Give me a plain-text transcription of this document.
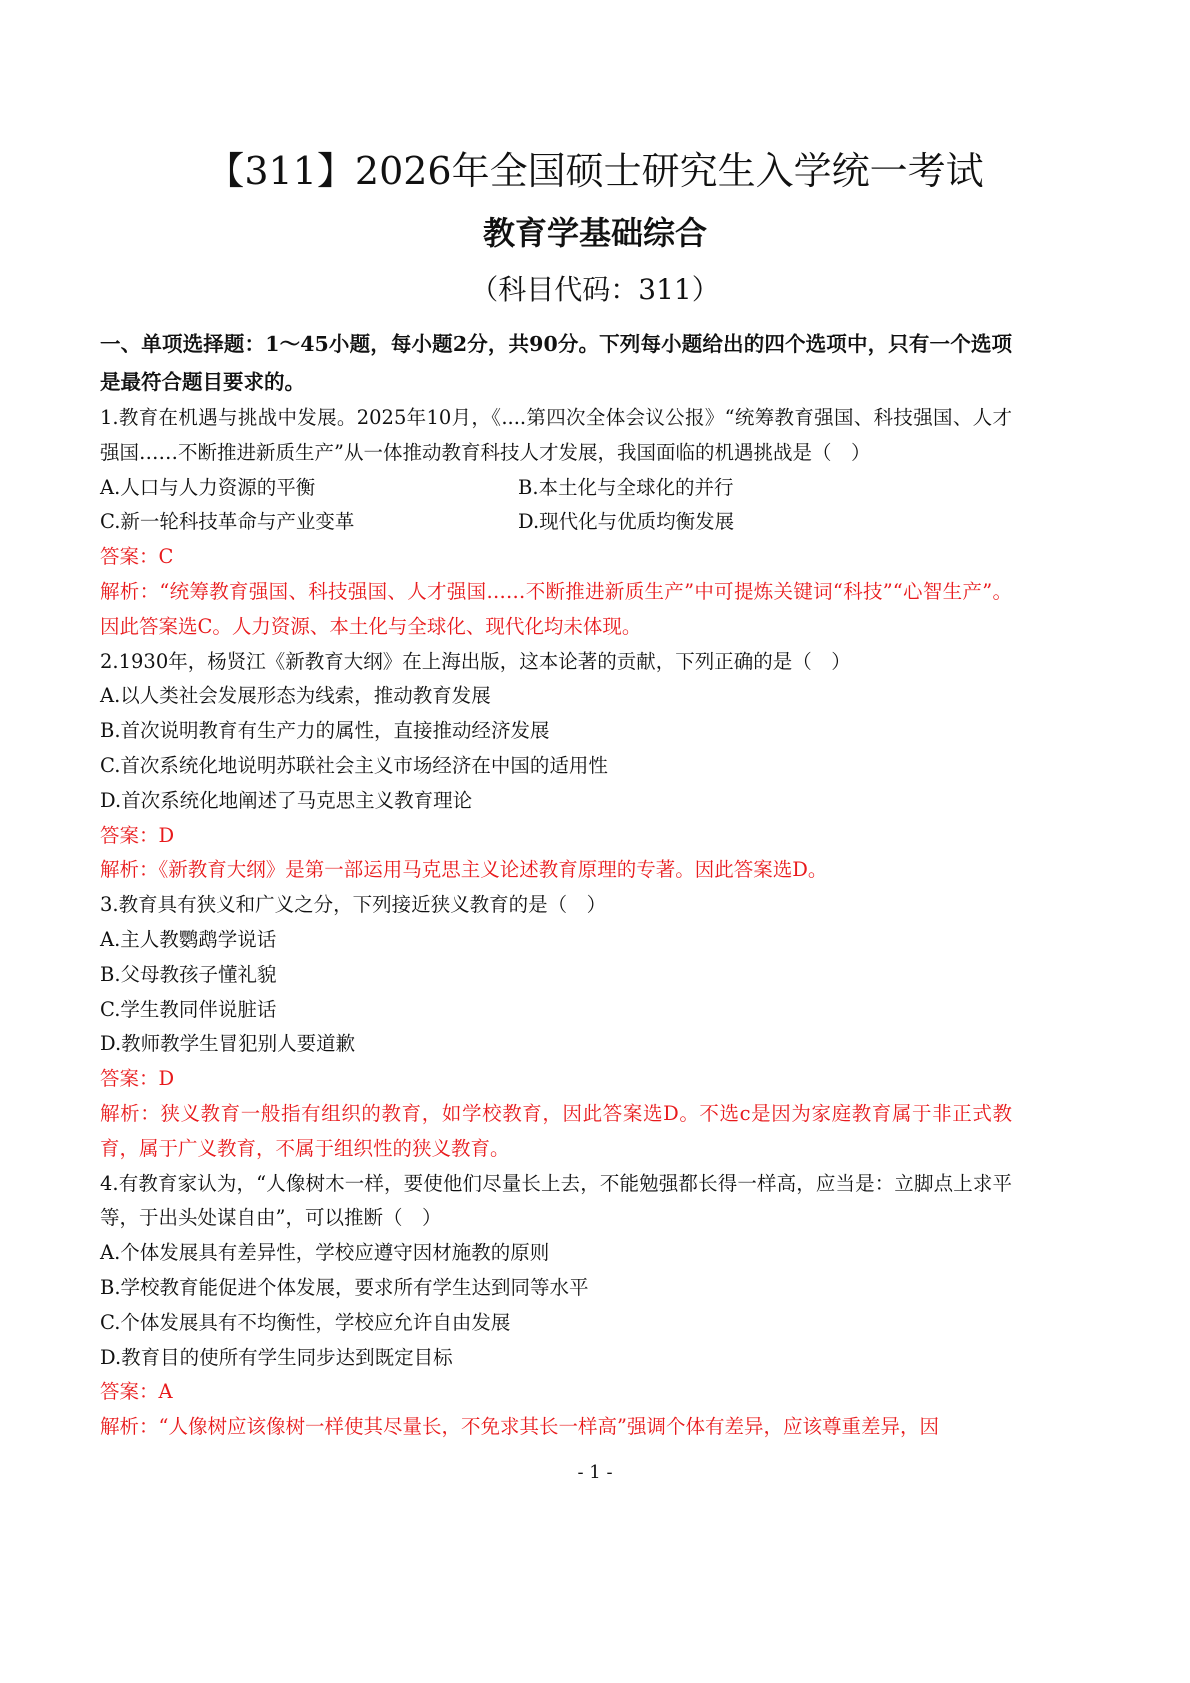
【311】2026年全国硕士研究生入学统一考试
教育学基础综合
（科目代码：311）
一、单项选择题：1～45小题，每小题2分，共90分。下列每小题给出的四个选项中，只有一个选项是最符合题目要求的。
1.教育在机遇与挑战中发展。2025年10月，《....第四次全体会议公报》“统筹教育强国、科技强国、人才强国……不断推进新质生产”从一体推动教育科技人才发展，我国面临的机遇挑战是（　）
A.人口与人力资源的平衡	B.本土化与全球化的并行
C.新一轮科技革命与产业变革	D.现代化与优质均衡发展
答案：C
解析：“统筹教育强国、科技强国、人才强国……不断推进新质生产”中可提炼关键词“科技”“心智生产”。因此答案选C。人力资源、本土化与全球化、现代化均未体现。
2.1930年，杨贤江《新教育大纲》在上海出版，这本论著的贡献，下列正确的是（　）
A.以人类社会发展形态为线索，推动教育发展
B.首次说明教育有生产力的属性，直接推动经济发展
C.首次系统化地说明苏联社会主义市场经济在中国的适用性
D.首次系统化地阐述了马克思主义教育理论
答案：D
解析：《新教育大纲》是第一部运用马克思主义论述教育原理的专著。因此答案选D。
3.教育具有狭义和广义之分，下列接近狭义教育的是（　）
A.主人教鹦鹉学说话
B.父母教孩子懂礼貌
C.学生教同伴说脏话
D.教师教学生冒犯别人要道歉
答案：D
解析：狭义教育一般指有组织的教育，如学校教育，因此答案选D。不选c是因为家庭教育属于非正式教育，属于广义教育，不属于组织性的狭义教育。
4.有教育家认为，“人像树木一样，要使他们尽量长上去，不能勉强都长得一样高，应当是：立脚点上求平等，于出头处谋自由”，可以推断（　）
A.个体发展具有差异性，学校应遵守因材施教的原则
B.学校教育能促进个体发展，要求所有学生达到同等水平
C.个体发展具有不均衡性，学校应允许自由发展
D.教育目的使所有学生同步达到既定目标
答案：A
解析：“人像树应该像树一样使其尽量长，不免求其长一样高”强调个体有差异，应该尊重差异，因
- 1 -
